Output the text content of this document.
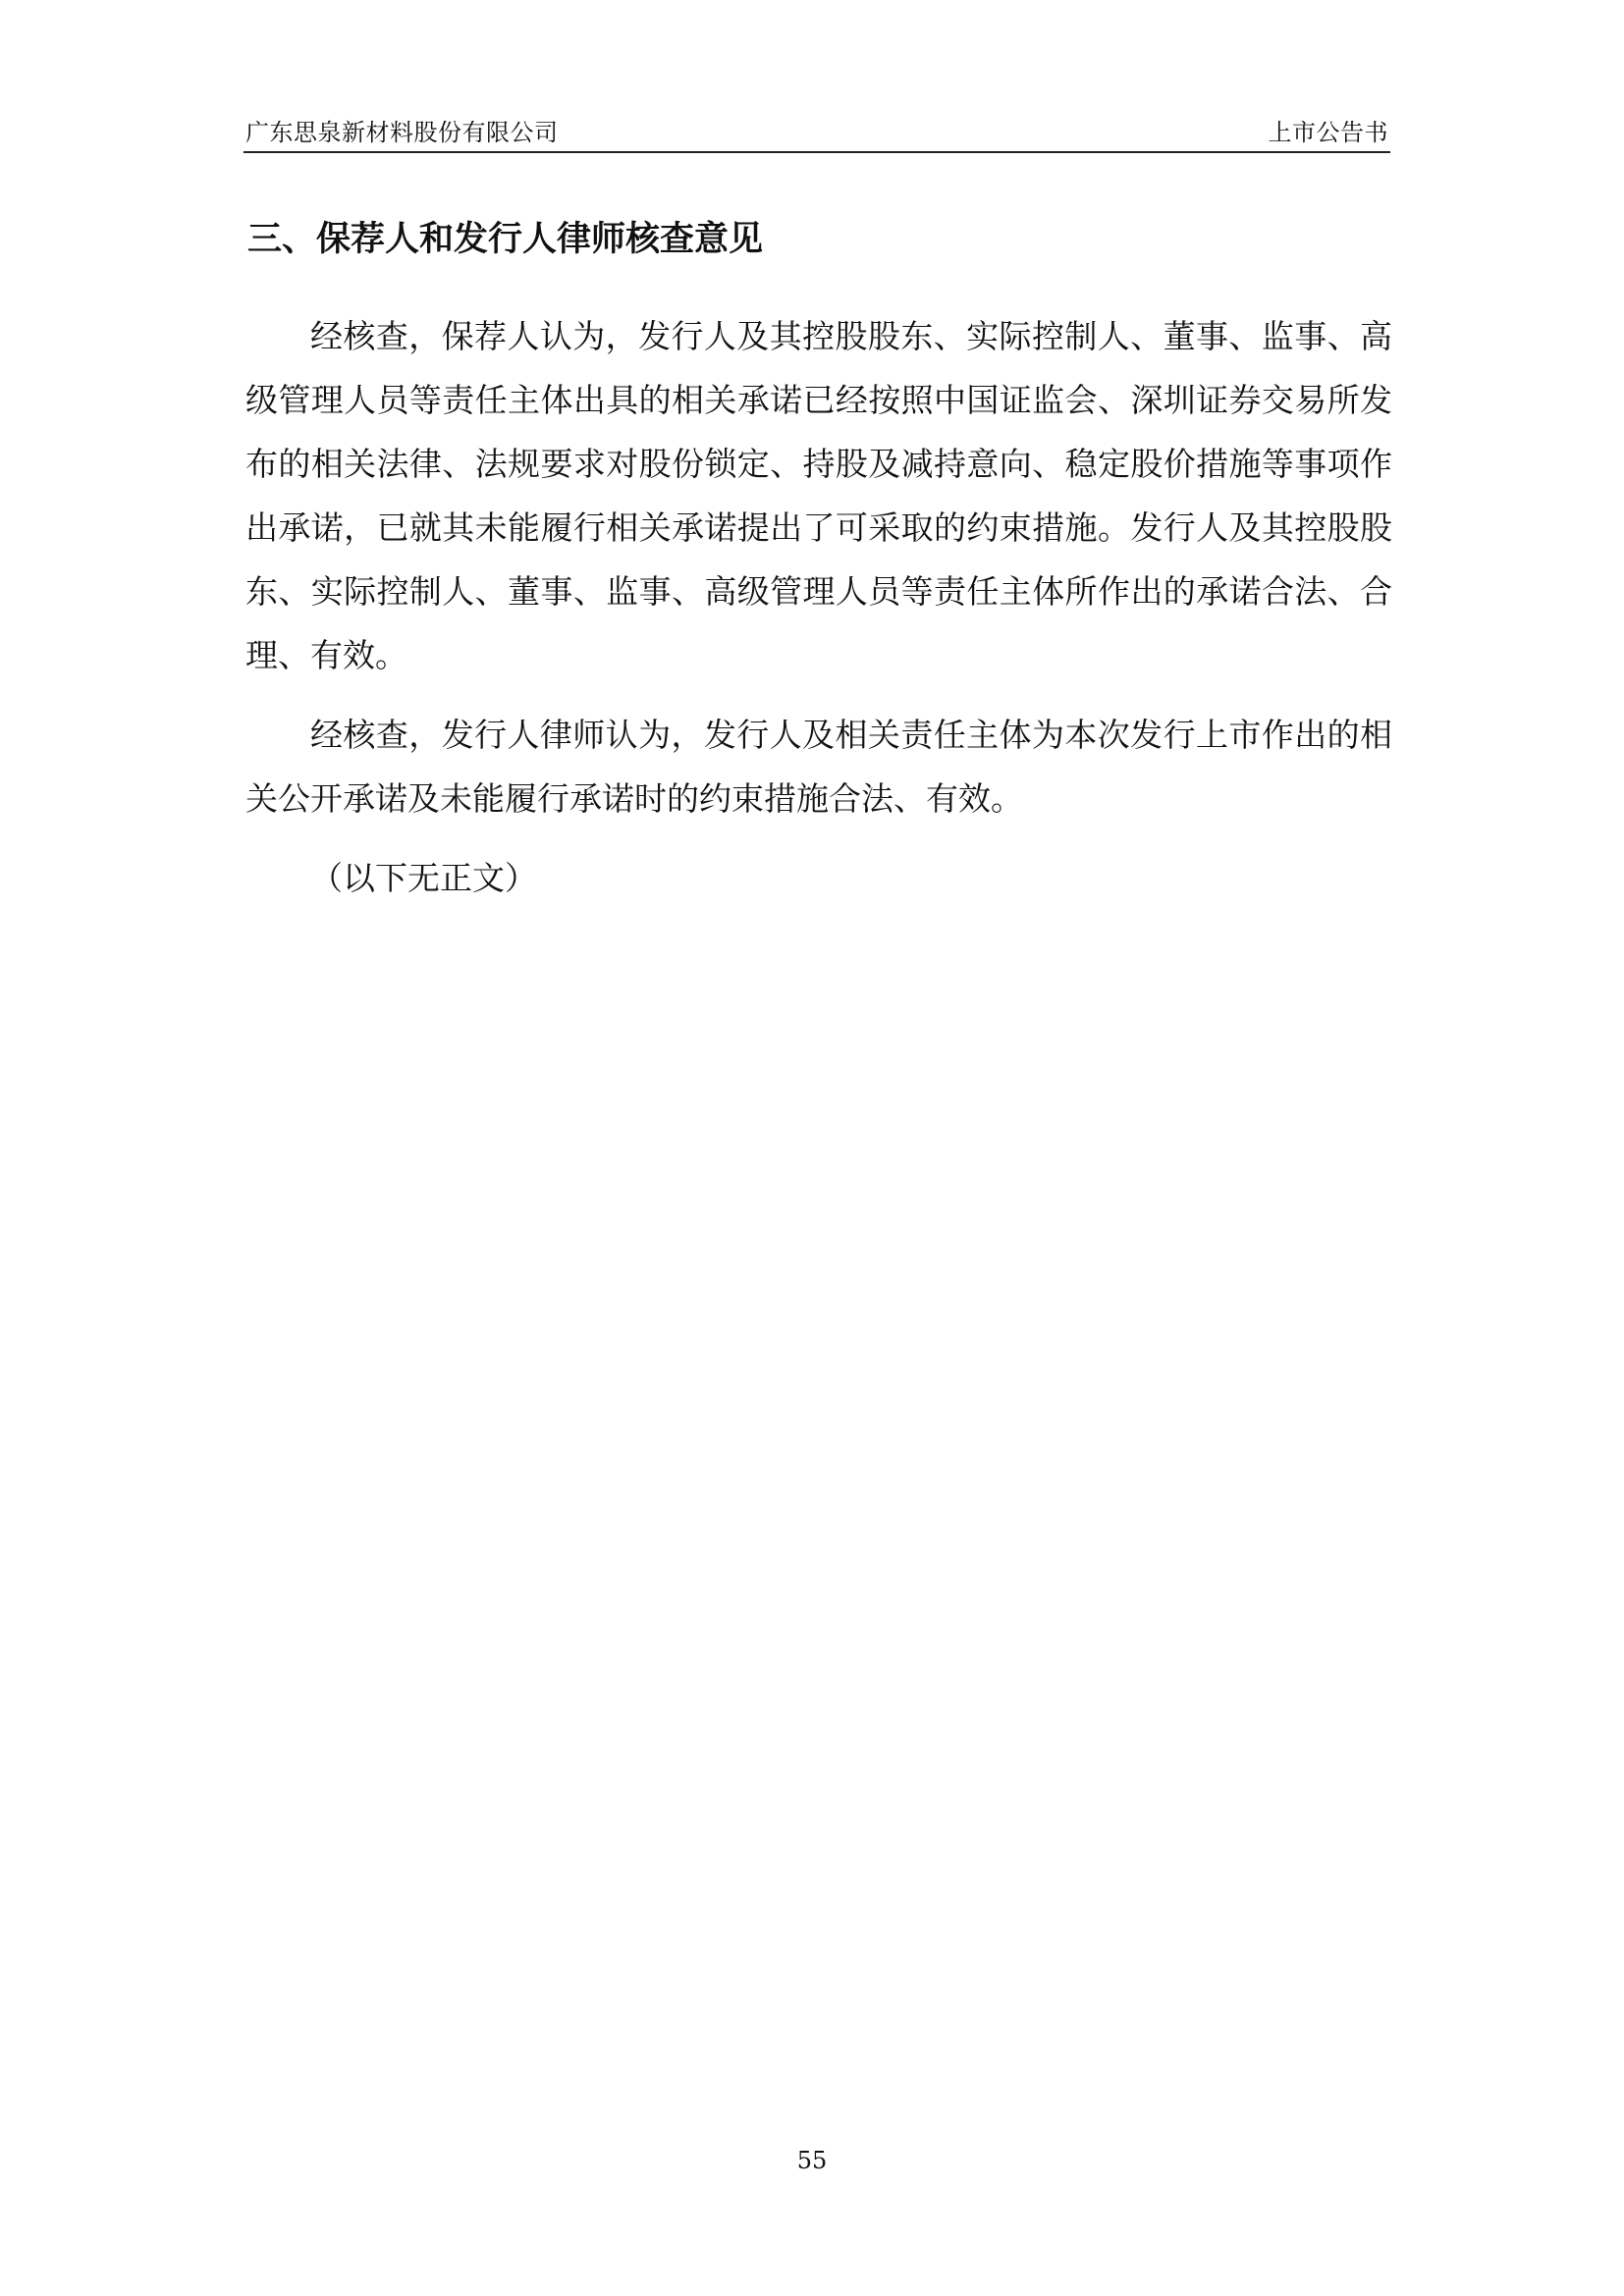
广东思泉新材料股份有限公司	上市公告书
三、保荐人和发行人律师核查意见

经核查，保荐人认为，发行人及其控股股东、实际控制人、董事、监事、高级管理人员等责任主体出具的相关承诺已经按照中国证监会、深圳证券交易所发布的相关法律、法规要求对股份锁定、持股及减持意向、稳定股价措施等事项作出承诺，已就其未能履行相关承诺提出了可采取的约束措施。发行人及其控股股东、实际控制人、董事、监事、高级管理人员等责任主体所作出的承诺合法、合理、有效。

经核查，发行人律师认为，发行人及相关责任主体为本次发行上市作出的相关公开承诺及未能履行承诺时的约束措施合法、有效。

（以下无正文）

55
